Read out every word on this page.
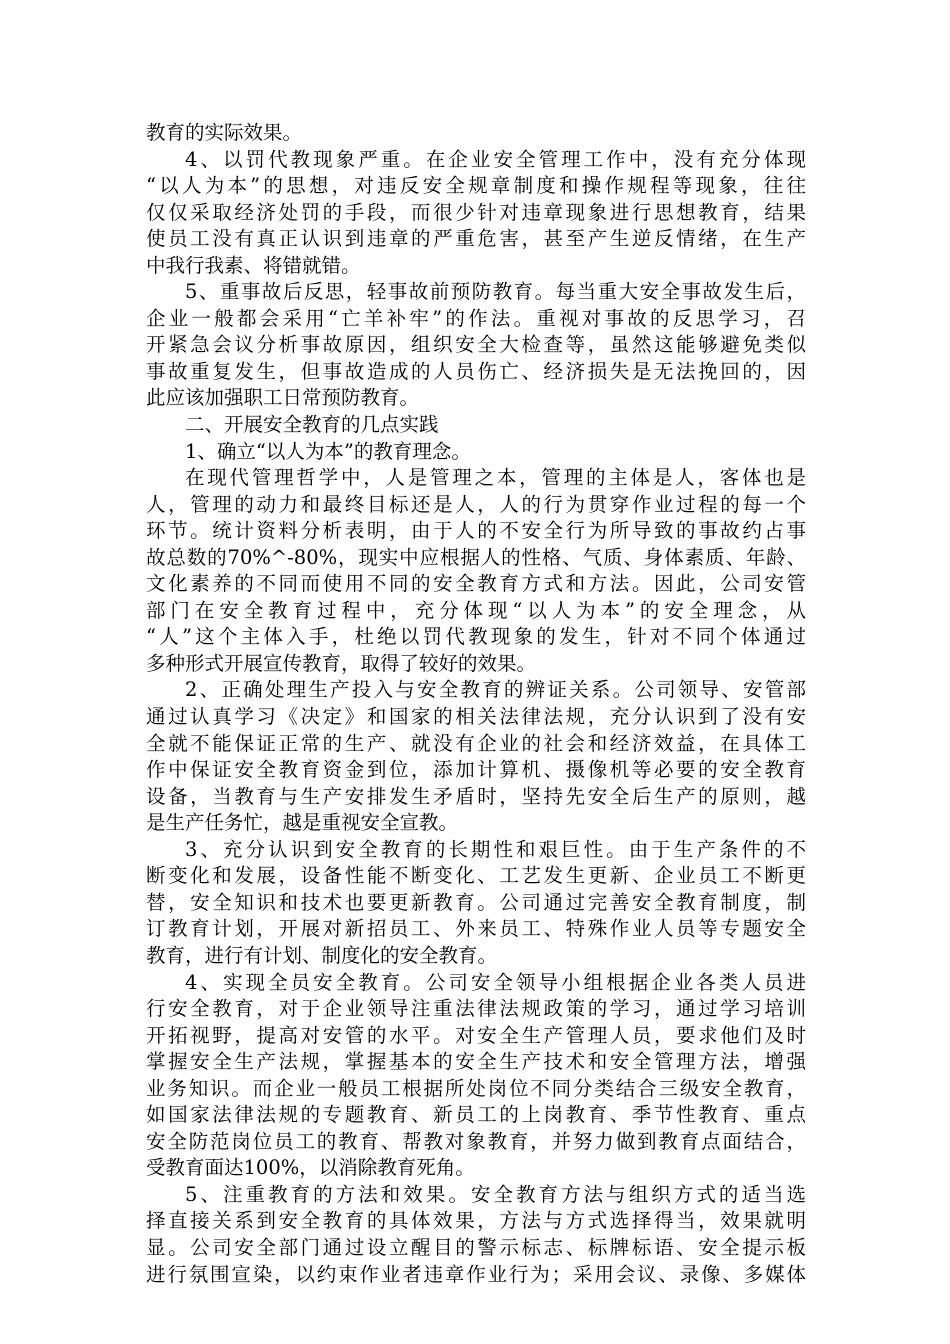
教育的实际效果。
4、以罚代教现象严重。在企业安全管理工作中，没有充分体现
“以人为本”的思想，对违反安全规章制度和操作规程等现象，往往
仅仅采取经济处罚的手段，而很少针对违章现象进行思想教育，结果
使员工没有真正认识到违章的严重危害，甚至产生逆反情绪，在生产
中我行我素、将错就错。
5、重事故后反思，轻事故前预防教育。每当重大安全事故发生后，
企业一般都会采用“亡羊补牢”的作法。重视对事故的反思学习，召
开紧急会议分析事故原因，组织安全大检查等，虽然这能够避免类似
事故重复发生，但事故造成的人员伤亡、经济损失是无法挽回的，因
此应该加强职工日常预防教育。
二、开展安全教育的几点实践
1、确立“以人为本”的教育理念。
在现代管理哲学中，人是管理之本，管理的主体是人，客体也是
人，管理的动力和最终目标还是人，人的行为贯穿作业过程的每一个
环节。统计资料分析表明，由于人的不安全行为所导致的事故约占事
故总数的70%^-80%，现实中应根据人的性格、气质、身体素质、年龄、
文化素养的不同而使用不同的安全教育方式和方法。因此，公司安管
部门在安全教育过程中，充分体现“以人为本”的安全理念，从
“人”这个主体入手，杜绝以罚代教现象的发生，针对不同个体通过
多种形式开展宣传教育，取得了较好的效果。
2、正确处理生产投入与安全教育的辨证关系。公司领导、安管部
通过认真学习《决定》和国家的相关法律法规，充分认识到了没有安
全就不能保证正常的生产、就没有企业的社会和经济效益，在具体工
作中保证安全教育资金到位，添加计算机、摄像机等必要的安全教育
设备，当教育与生产安排发生矛盾时，坚持先安全后生产的原则，越
是生产任务忙，越是重视安全宣教。
3、充分认识到安全教育的长期性和艰巨性。由于生产条件的不
断变化和发展，设备性能不断变化、工艺发生更新、企业员工不断更
替，安全知识和技术也要更新教育。公司通过完善安全教育制度，制
订教育计划，开展对新招员工、外来员工、特殊作业人员等专题安全
教育，进行有计划、制度化的安全教育。
4、实现全员安全教育。公司安全领导小组根据企业各类人员进
行安全教育，对于企业领导注重法律法规政策的学习，通过学习培训
开拓视野，提高对安管的水平。对安全生产管理人员，要求他们及时
掌握安全生产法规，掌握基本的安全生产技术和安全管理方法，增强
业务知识。而企业一般员工根据所处岗位不同分类结合三级安全教育，
如国家法律法规的专题教育、新员工的上岗教育、季节性教育、重点
安全防范岗位员工的教育、帮教对象教育，并努力做到教育点面结合，
受教育面达100%，以消除教育死角。
5、注重教育的方法和效果。安全教育方法与组织方式的适当选
择直接关系到安全教育的具体效果，方法与方式选择得当，效果就明
显。公司安全部门通过设立醒目的警示标志、标牌标语、安全提示板
进行氛围宣染，以约束作业者违章作业行为；采用会议、录像、多媒体
